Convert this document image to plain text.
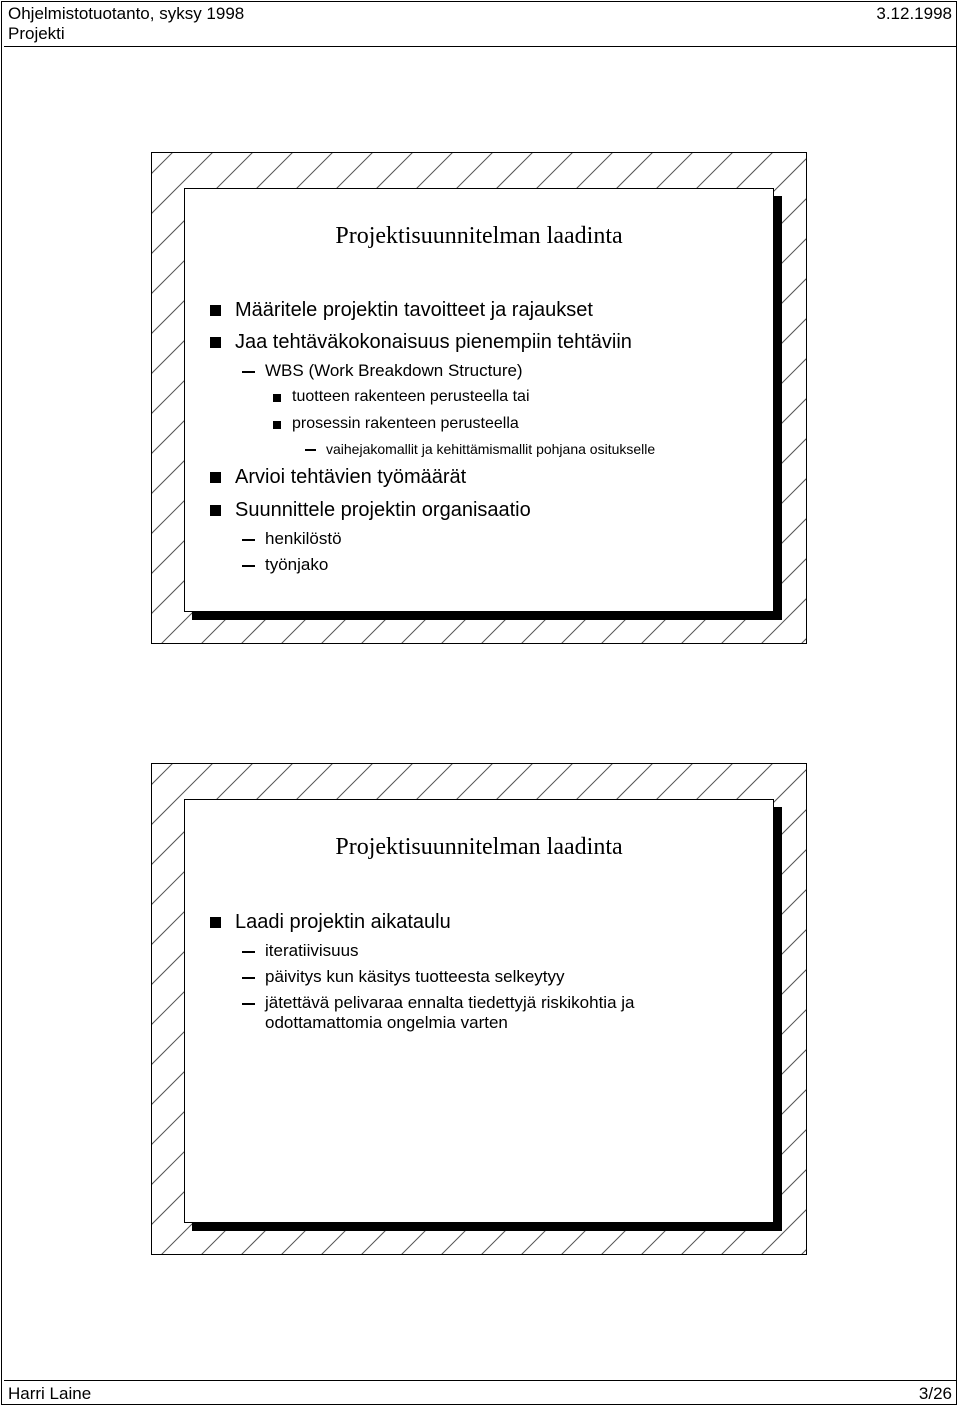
Ohjelmistotuotanto, syksy 1998
Projekti
3.12.1998
Projektisuunnitelman laadinta
Määritele projektin tavoitteet ja rajaukset
Jaa tehtäväkokonaisuus pienempiin tehtäviin
WBS (Work Breakdown Structure)
tuotteen rakenteen perusteella tai
prosessin rakenteen perusteella
vaihejakomallit ja kehittämismallit pohjana ositukselle
Arvioi tehtävien työmäärät
Suunnittele projektin organisaatio
henkilöstö
työnjako
Projektisuunnitelman laadinta
Laadi projektin aikataulu
iteratiivisuus
päivitys kun käsitys tuotteesta selkeytyy
jätettävä pelivaraa ennalta tiedettyjä riskikohtia ja odottamattomia ongelmia varten
Harri Laine	3/26
